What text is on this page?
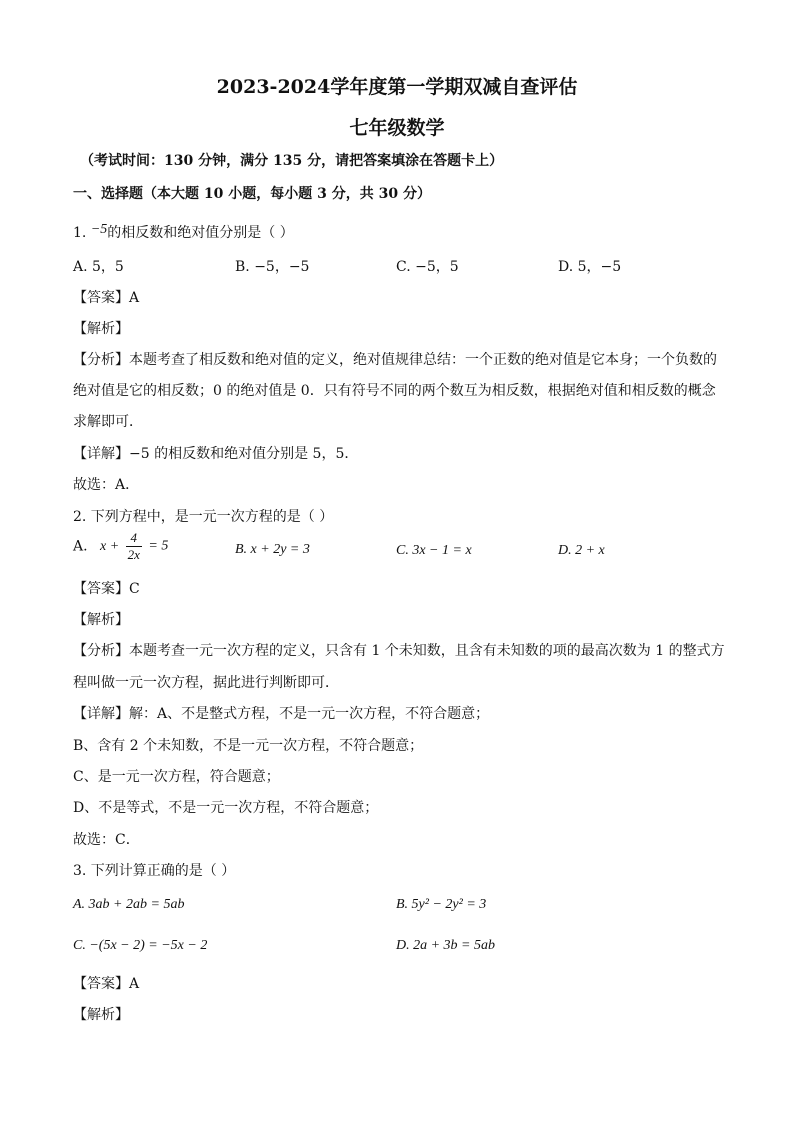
2023-2024学年度第一学期双减自查评估
七年级数学
（考试时间：130 分钟，满分 135 分，请把答案填涂在答题卡上）
一、选择题（本大题 10 小题，每小题 3 分，共 30 分）
1. −5的相反数和绝对值分别是（ ）
A. 5，5	B. −5，−5	C. −5，5	D. 5，−5
【答案】A
【解析】
【分析】本题考查了相反数和绝对值的定义，绝对值规律总结：一个正数的绝对值是它本身；一个负数的
绝对值是它的相反数；0 的绝对值是 0．只有符号不同的两个数互为相反数，根据绝对值和相反数的概念
求解即可．
【详解】−5 的相反数和绝对值分别是 5，5．
故选：A．
2. 下列方程中，是一元一次方程的是（ ）
A. $x + \frac{4}{2x} = 5$	B. x + 2y = 3	C. 3x − 1 = x	D. 2 + x
【答案】C
【解析】
【分析】本题考查一元一次方程的定义，只含有 1 个未知数，且含有未知数的项的最高次数为 1 的整式方
程叫做一元一次方程，据此进行判断即可．
【详解】解：A、不是整式方程，不是一元一次方程，不符合题意；
B、含有 2 个未知数，不是一元一次方程，不符合题意；
C、是一元一次方程，符合题意；
D、不是等式，不是一元一次方程，不符合题意；
故选：C．
3. 下列计算正确的是（ ）
A. 3ab + 2ab = 5ab	B. 5y² − 2y² = 3
C. −(5x − 2) = −5x − 2	D. 2a + 3b = 5ab
【答案】A
【解析】
